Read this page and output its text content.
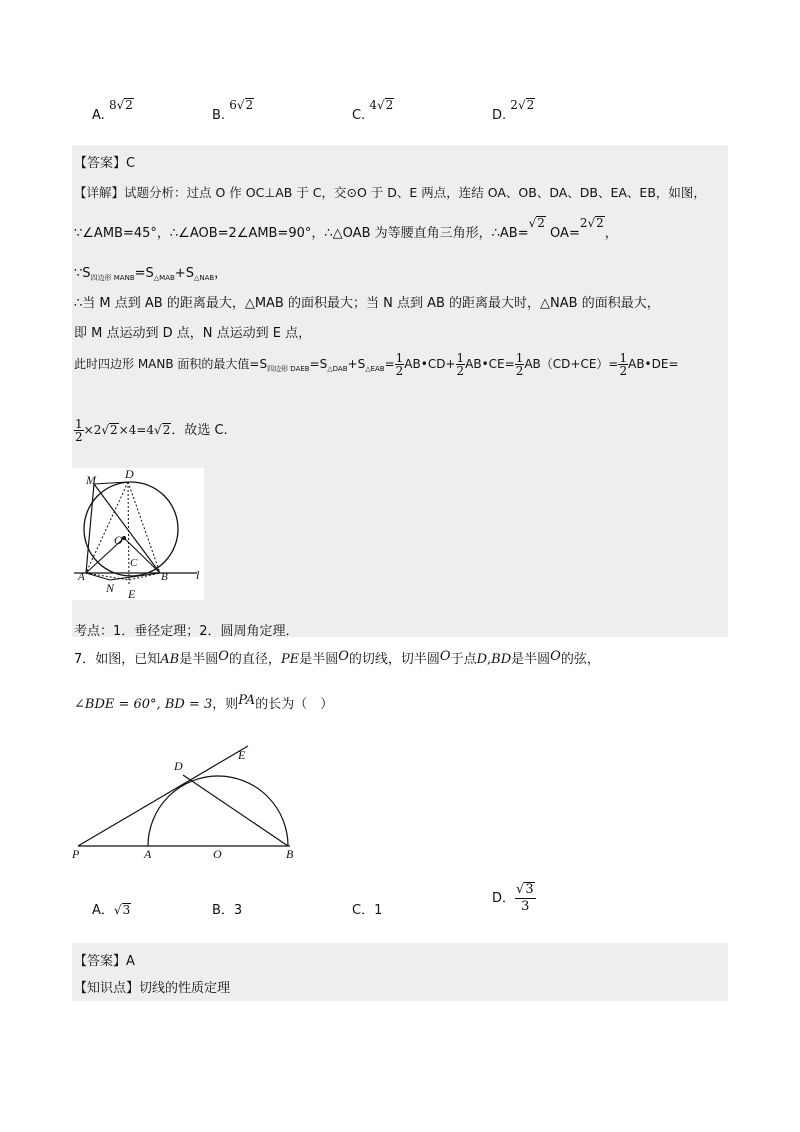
A. 8√2
B. 6√2
C. 4√2
D. 2√2
【答案】C
【详解】试题分析：过点 O 作 OC⊥AB 于 C，交⊙O 于 D、E 两点，连结 OA、OB、DA、DB、EA、EB，如图，
∵∠AMB=45°，∴∠AOB=2∠AMB=90°，∴△OAB 为等腰直角三角形，∴AB=√2 OA=2√2，
$\because S_{四边形 MANB}=S_{\triangle MAB}+S_{\triangle NAB}$，
∴当 M 点到 AB 的距离最大，△MAB 的面积最大；当 N 点到 AB 的距离最大时，△NAB 的面积最大，
即 M 点运动到 D 点，N 点运动到 E 点，
此时四边形 MANB 面积的最大值$=S_{四边形 DAEB}=S_{\triangle DAB}+S_{\triangle EAB}= \frac{1}{2}$ AB•CD+ $\frac{1}{2}$ AB•CE= $\frac{1}{2} AB(CD+CE)= \frac{1}{2}$ AB•DE=
$\frac{1}{2} \times 2√2\times 4=4√2$．故选 C.
M D
O
C
A	B
N E
l
考点：1．垂径定理；2．圆周角定理．
7．如图，已知AB是半圆O的直径，PE是半圆O的切线，切半圆O于点D,BD是半圆O的弦，
∠BDE = 60°, BD = 3，则PA的长为（　）
E
D
P	A	O	B
A．√3	B．3	C．1
D． $\frac{√3}{3}$
【答案】A
【知识点】切线的性质定理
